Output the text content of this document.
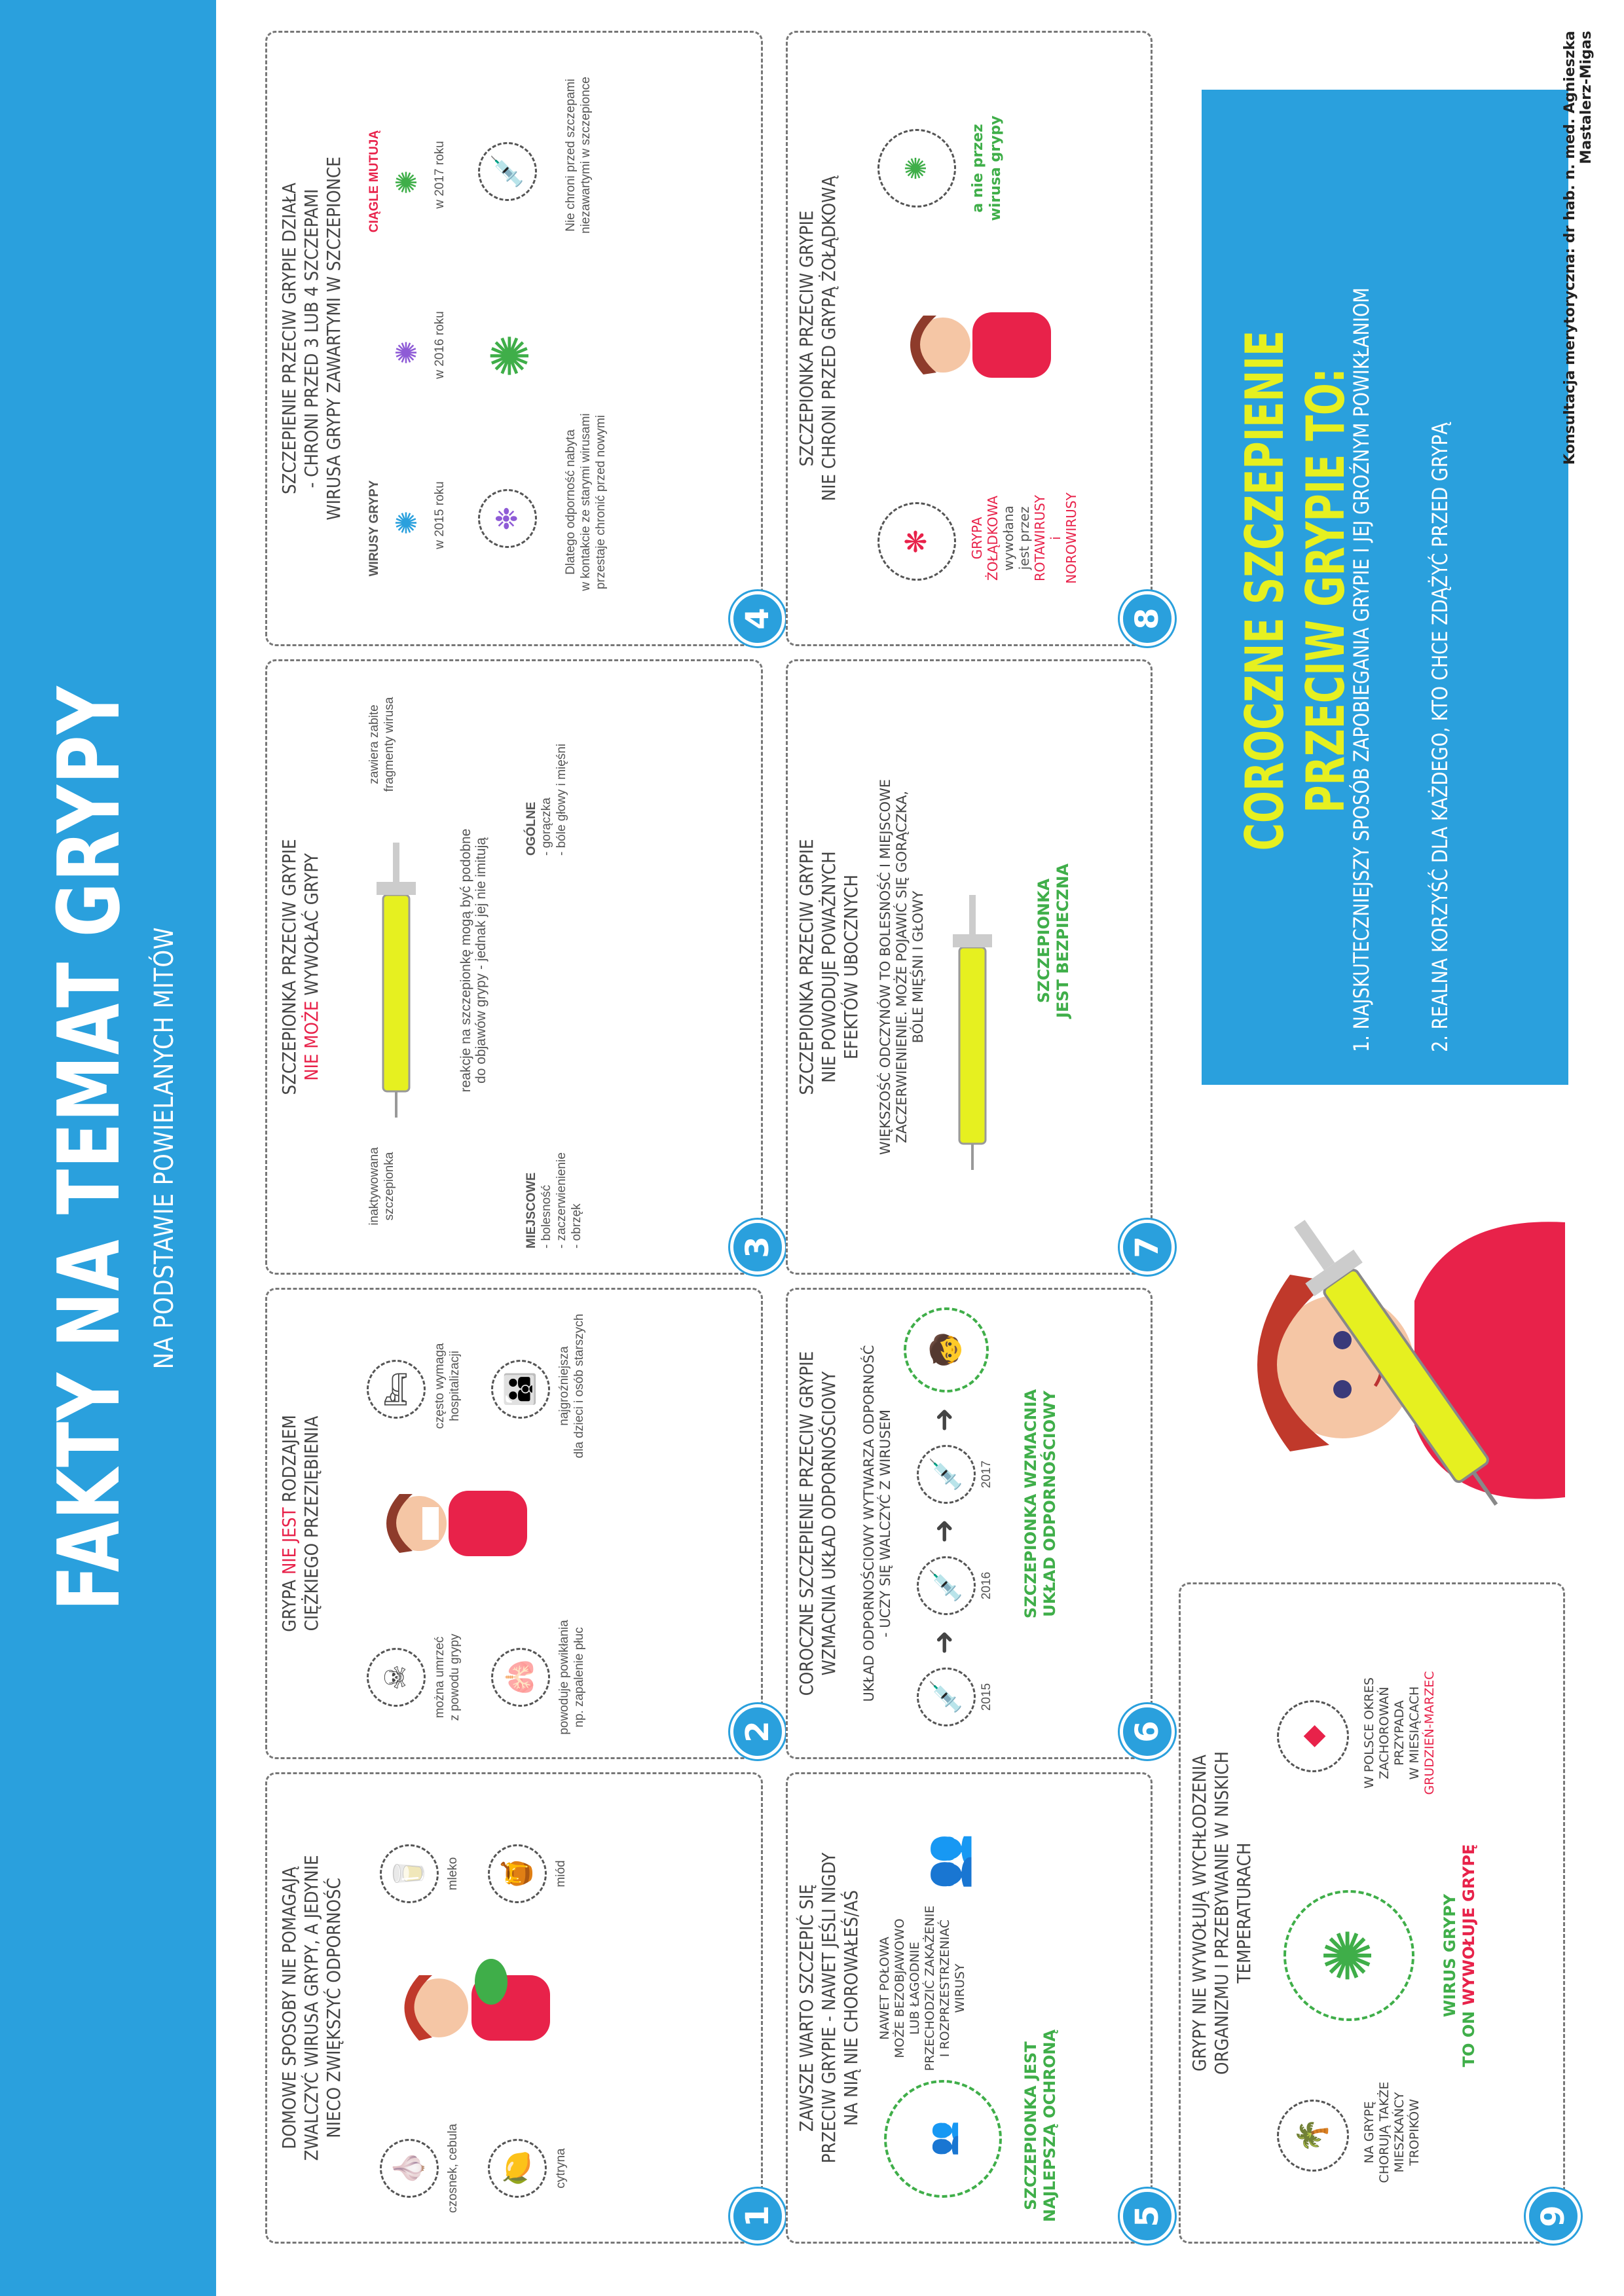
FAKTY NA TEMAT GRYPY NA PODSTAWIE POWIELANYCH MITÓW
1
DOMOWE SPOSOBY NIE POMAGAJĄ ZWALCZYĆ WIRUSA GRYPY, A JEDYNIE NIECO ZWIĘKSZYĆ ODPORNOŚĆ
🧄 czosnek, cebula 🍋 cytryna
🥛 mleko 🍯 miód
2
GRYPA NIE JEST RODZAJEM CIĘŻKIEGO PRZEZIĘBIENIA
☠ można umrzeć z powodu grypy 🫁 powoduje powikłania np. zapalenie płuc
🛏 często wymaga hospitalizacji 👪 najgroźniejsza dla dzieci i osób starszych
3
SZCZEPIONKA PRZECIW GRYPIE NIE MOŻE WYWOŁAĆ GRYPY
inaktywowana szczepionka
zawiera zabite fragmenty wirusa
reakcje na szczepionkę mogą być podobne do objawów grypy - jednak jej nie imitują
MIEJSCOWE - bolesność - zaczerwienienie - obrzęk
OGÓLNE - gorączka - bóle głowy i mięśni
4
SZCZEPIENIE PRZECIW GRYPIE DZIAŁA - CHRONI PRZED 3 LUB 4 SZCZEPAMI WIRUSA GRYPY ZAWARTYMI W SZCZEPIONCE
WIRUSY GRYPY
CIĄGLE MUTUJĄ
✺
✺
✺
w 2015 roku
w 2016 roku
w 2017 roku
❉
✺
💉
Dlatego odporność nabyta w kontakcie ze starymi wirusami przestaje chronić przed nowymi
Nie chroni przed szczepami niezawartymi w szczepionce
5
ZAWSZE WARTO SZCZEPIĆ SIĘ PRZECIW GRYPIE - NAWET JEŚLI NIGDY NA NIĄ NIE CHOROWAŁEŚ/AŚ
👥
NAWET POŁOWA MOŻE BEZOBJAWOWO LUB ŁAGODNIE PRZECHODZIĆ ZAKAŻENIE I ROZPRZESTRZENIAĆ WIRUSY
👥
SZCZEPIONKA JEST NAJLEPSZĄ OCHRONĄ
6
COROCZNE SZCZEPIENIE PRZECIW GRYPIE WZMACNIA UKŁAD ODPORNOŚCIOWY UKŁAD ODPORNOŚCIOWY WYTWARZA ODPORNOŚĆ - UCZY SIĘ WALCZYĆ Z WIRUSEM
💉 2015
➜
💉 2016
➜
💉 2017
➜
🧒
SZCZEPIONKA WZMACNIA UKŁAD ODPORNOŚCIOWY
7
SZCZEPIONKA PRZECIW GRYPIE NIE POWODUJE POWAŻNYCH EFEKTÓW UBOCZNYCH WIĘKSZOŚĆ ODCZYNÓW TO BOLESNOŚĆ I MIEJSCOWE ZACZERWIENIENIE. MOŻE POJAWIĆ SIĘ GORĄCZKA, BÓLE MIĘŚNI I GŁOWY	SZCZEPIONKA JEST BEZPIECZNA
8
SZCZEPIONKA PRZECIW GRYPIE NIE CHRONI PRZED GRYPĄ ŻOŁĄDKOWĄ
❋	GRYPA ŻOŁĄDKOWA wywołana jest przez ROTAWIRUSY i NOROWIRUSY
✺	a nie przez wirusa grypy
9
GRYPY NIE WYWOŁUJĄ WYCHŁODZENIA ORGANIZMU I PRZEBYWANIE W NISKICH TEMPERATURACH
🌴	NA GRYPĘ CHORUJĄ TAKŻE MIESZKAŃCY TROPIKÓW
✺
◆	W POLSCE OKRES ZACHOROWAŃ PRZYPADA W MIESIĄCACH GRUDZIEŃ-MARZEC
WIRUS GRYPY
TO ON WYWOŁUJE GRYPĘ
COROCZNE SZCZEPIENIE PRZECIW GRYPIE TO:
1. NAJSKUTECZNIEJSZY SPOSÓB ZAPOBIEGANIA GRYPIE I JEJ GROŹNYM POWIKŁANIOM	2. REALNA KORZYŚĆ DLA KAŻDEGO, KTO CHCE ZDĄŻYĆ PRZED GRYPĄ
Konsultacja merytoryczna: dr hab. n. med. Agnieszka Mastalerz-Migas
